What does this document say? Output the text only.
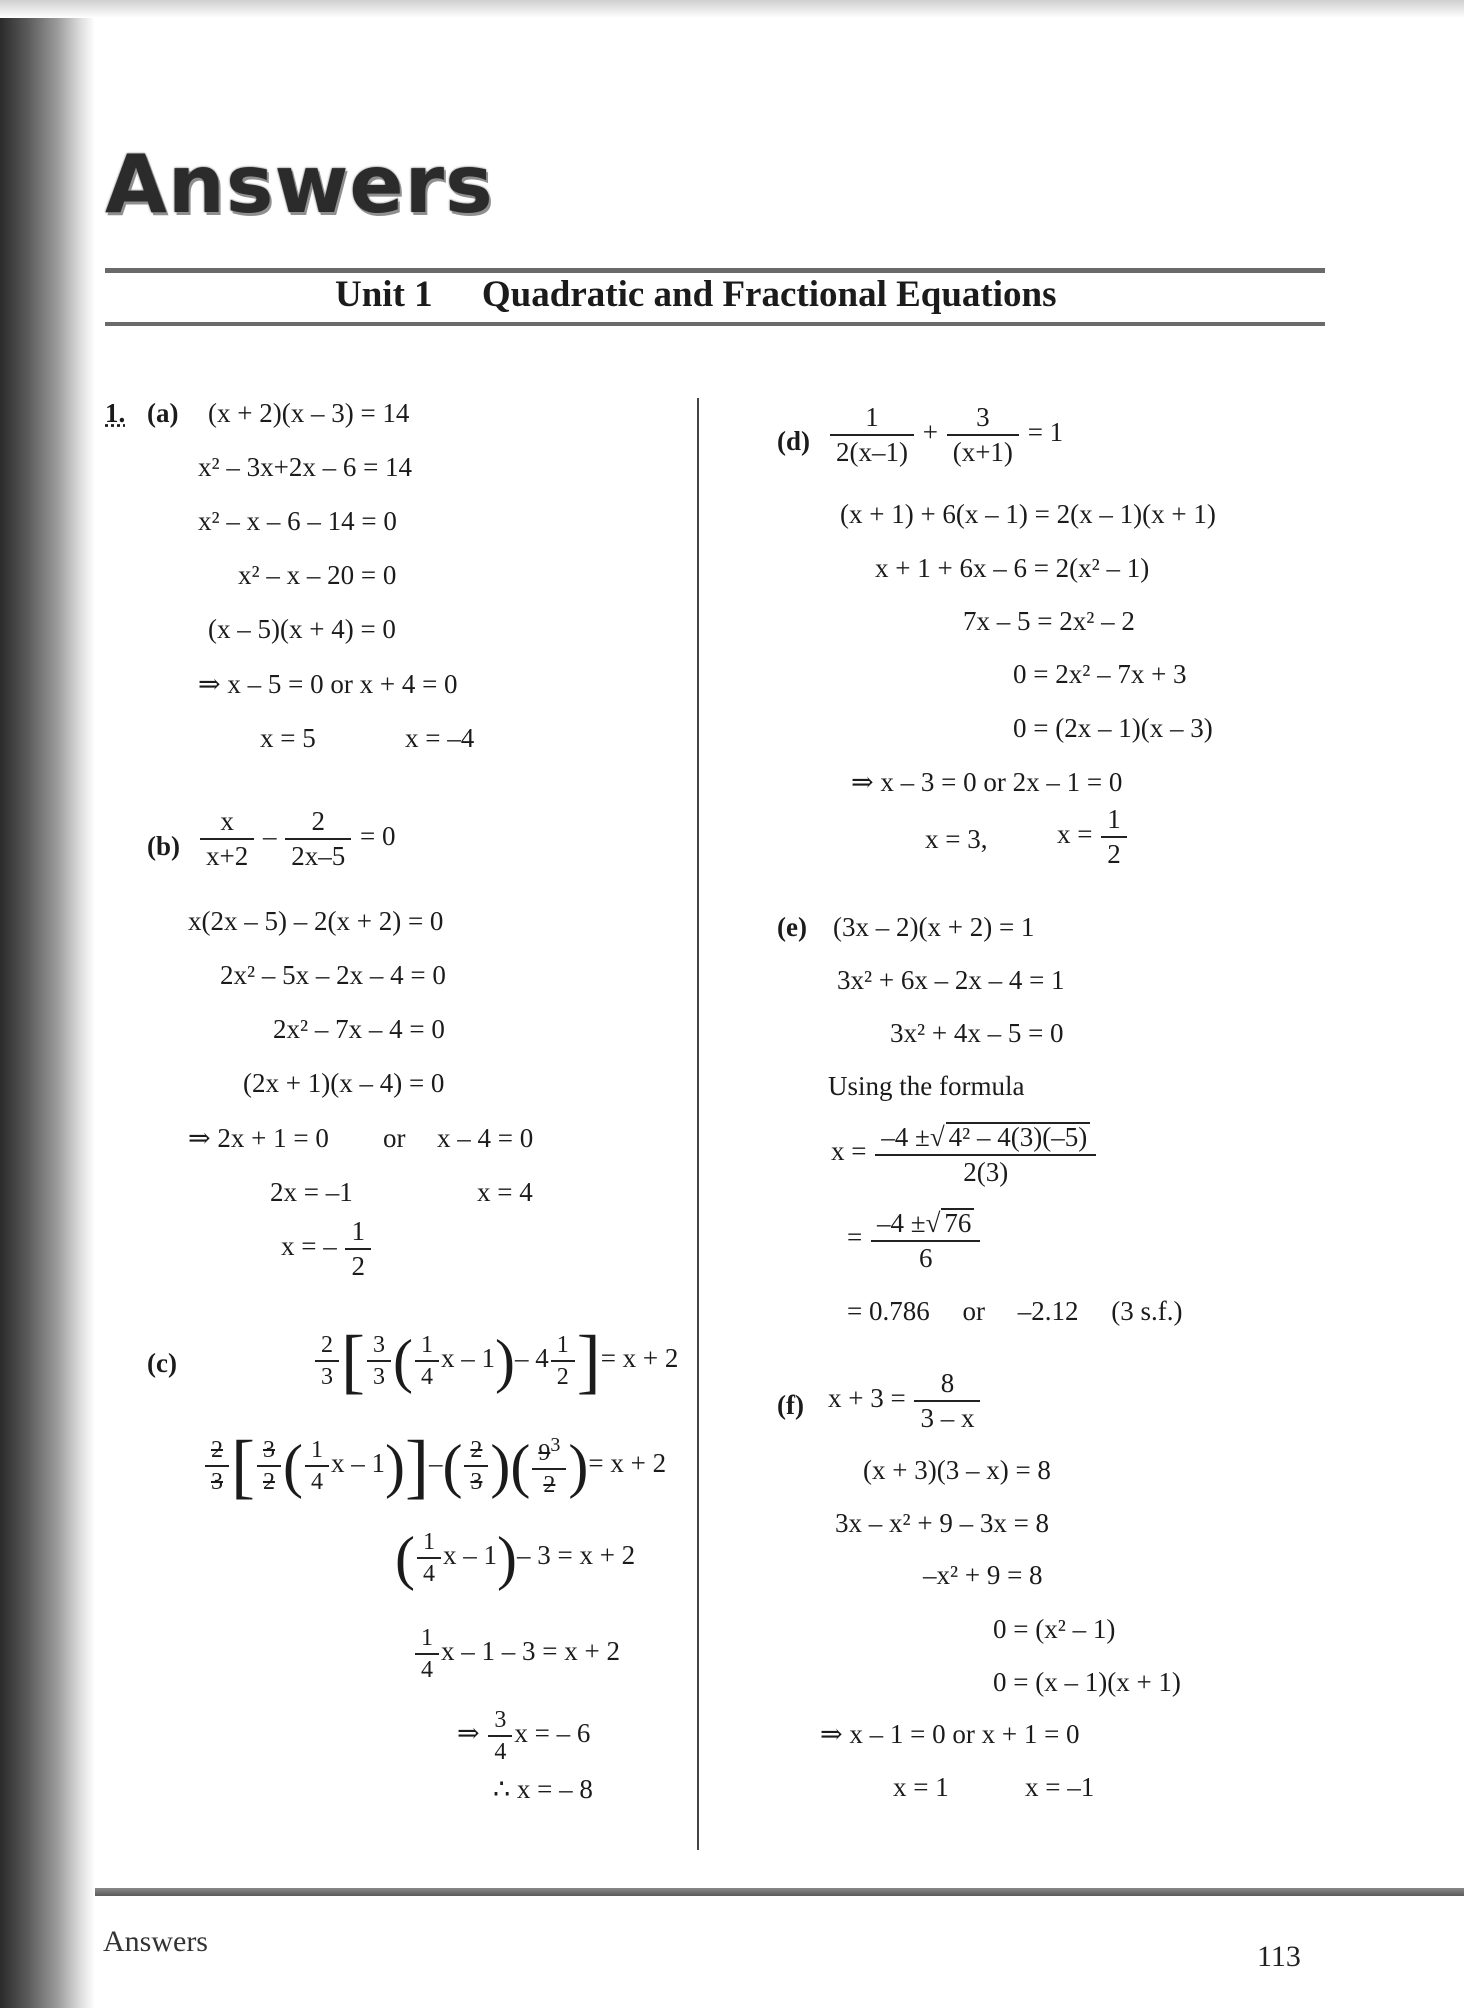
Answers
Unit 1 Quadratic and Fractional Equations
1. (a) (x + 2)(x – 3) = 14
x² – 3x+2x – 6 = 14
x² – x – 6 – 14 = 0
x² – x – 20 = 0
(x – 5)(x + 4) = 0
⇒ x – 5 = 0 or x + 4 = 0
x = 5	x = –4
$(b) \frac{x}{x+2} - \frac{2}{2x-5} = 0$
x(2x – 5) – 2(x + 2) = 0
2x² – 5x – 2x – 4 = 0
2x² – 7x – 4 = 0
(2x + 1)(x – 4) = 0
⇒ 2x + 1 = 0 or x – 4 = 0
2x = –1	x = 4
x = – $\frac{1}{2}$
(c)	$\frac{2}{3}$ [ $\frac{3}{3}$ ( $\frac{1}{4}$ x – 1)– $4 \frac{1}{2}$ ]= x + 2
$\frac{2}{3}$ [ $\frac{3}{2}$ ( $\frac{1}{4}$ x – $1)]-( \frac{2}{3}$ )( $\frac{9^3}{2}$ )= x + 2
( $\frac{1}{4}$ x – 1)– 3 = x + 2
$\frac{1}{4}$ x – 1 – 3 = x + 2
⇒ $\frac{3}{4}$ x = – 6
∴ x = – 8
$(d) \frac{1}{2(x-1)} + \frac{3}{(x+1)} = 1$
(x + 1) + 6(x – 1) = 2(x – 1)(x + 1)
x + 1 + 6x – 6 = 2(x² – 1)
7x – 5 = 2x² – 2
0 = 2x² – 7x + 3
0 = (2x – 1)(x – 3)
⇒ x – 3 = 0 or 2x – 1 = 0
x = 3,	$x = \frac{1}{2}$
(e) (3x – 2)(x + 2) = 1
3x² + 6x – 2x – 4 = 1
3x² + 4x – 5 = 0
Using the formula
$x = \frac{\text{–4 ±√ 4² – 4(3)(–5)}}{2(3)}$
= $\frac{-4 \pm√ 76}{6}$
= 0.786 or –2.12 (3 s.f.)
(f) $x + 3 = \frac{8}{3 - x}$
(x + 3)(3 – x) = 8
3x – x² + 9 – 3x = 8
–x² + 9 = 8
0 = (x² – 1)
0 = (x – 1)(x + 1)
⇒ x – 1 = 0 or x + 1 = 0
x = 1	x = –1
Answers	113
